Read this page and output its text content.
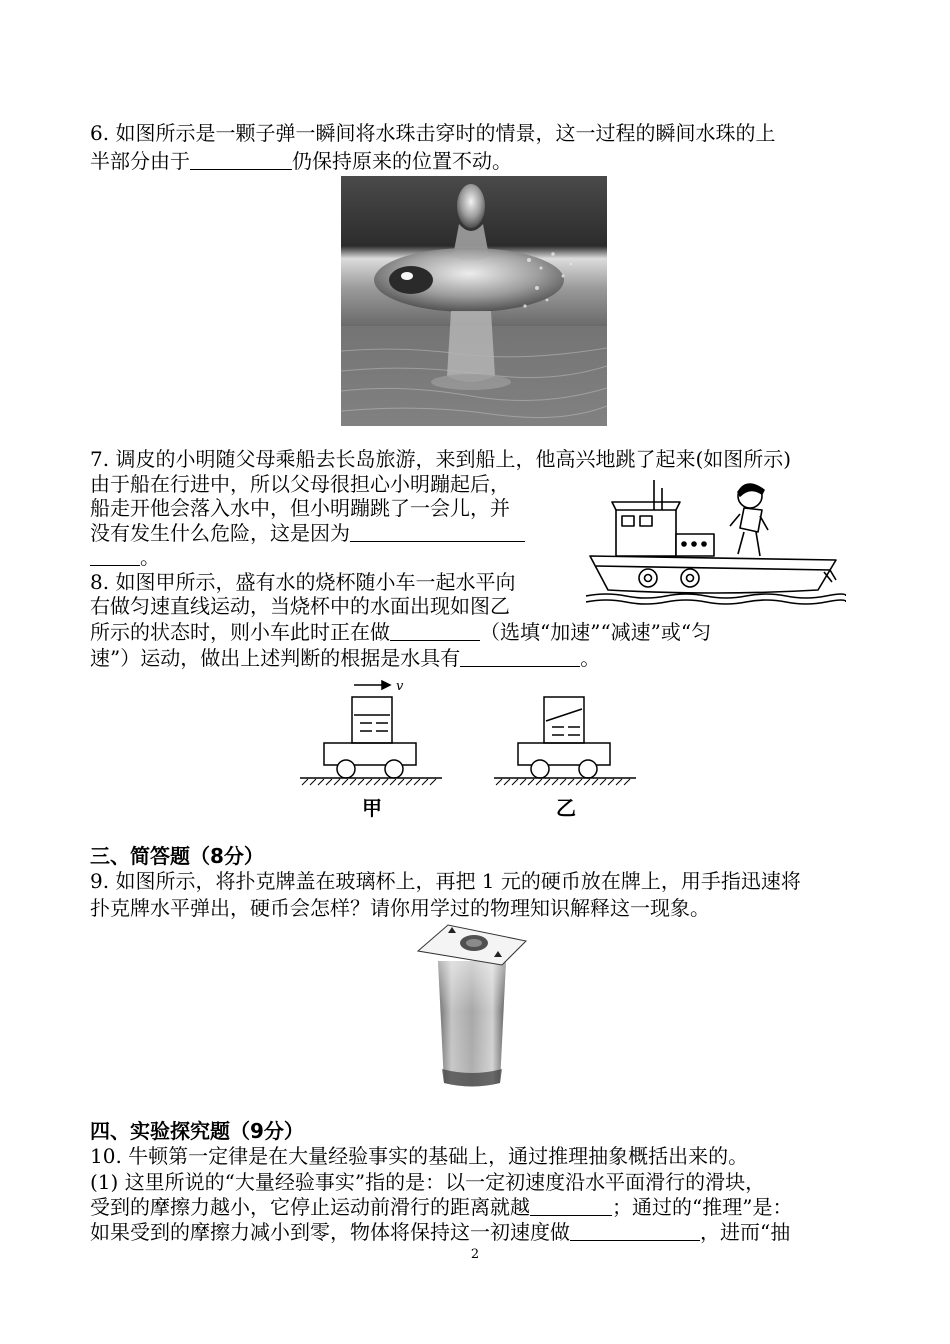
6. 如图所示是一颗子弹一瞬间将水珠击穿时的情景，这一过程的瞬间水珠的上
半部分由于	仍保持原来的位置不动。
7. 调皮的小明随父母乘船去长岛旅游，来到船上，他高兴地跳了起来(如图所示)
由于船在行进中，所以父母很担心小明蹦起后，
船走开他会落入水中，但小明蹦跳了一会儿，并
没有发生什么危险，这是因为
。
8. 如图甲所示，盛有水的烧杯随小车一起水平向
右做匀速直线运动，当烧杯中的水面出现如图乙
所示的状态时，则小车此时正在做	（选填“加速”“减速”或“匀
速”）运动，做出上述判断的根据是水具有	。
v
甲	乙
三、简答题（8分）
9. 如图所示，将扑克牌盖在玻璃杯上，再把 1 元的硬币放在牌上，用手指迅速将
扑克牌水平弹出，硬币会怎样？请你用学过的物理知识解释这一现象。
四、实验探究题（9分）
10. 牛顿第一定律是在大量经验事实的基础上，通过推理抽象概括出来的。
(1) 这里所说的“大量经验事实”指的是：以一定初速度沿水平面滑行的滑块，
受到的摩擦力越小，它停止运动前滑行的距离就越	；通过的“推理”是：
如果受到的摩擦力减小到零，物体将保持这一初速度做	，进而“抽
2
